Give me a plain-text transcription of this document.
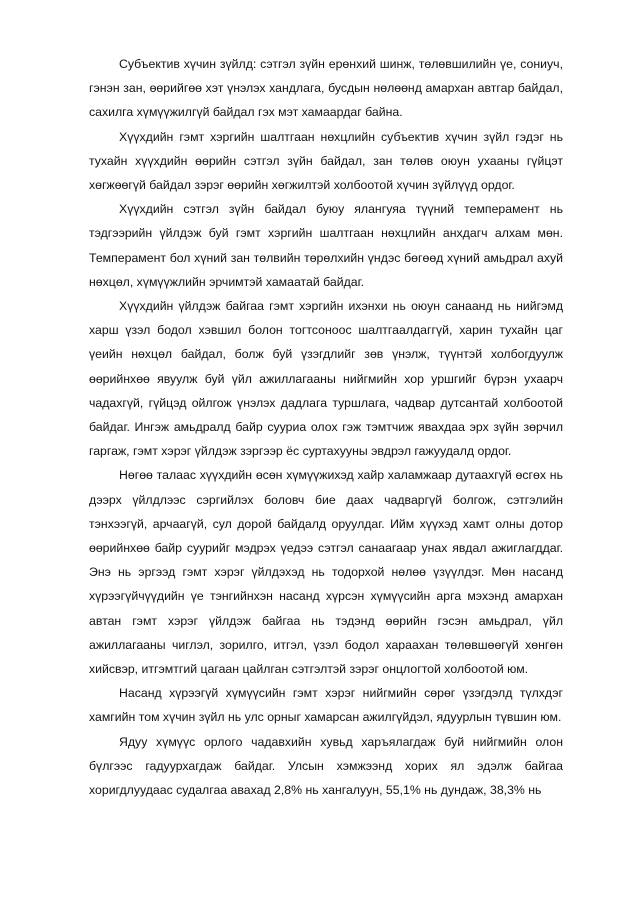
Субъектив хүчин зүйлд: сэтгэл зүйн ерөнхий шинж, төлөвшилийн үе, сониуч, гэнэн зан, өөрийгөө хэт үнэлэх хандлага, бусдын нөлөөнд амархан автгар байдал, сахилга хүмүүжилгүй байдал гэх мэт хамаардаг байна.

Хүүхдийн гэмт хэргийн шалтгаан нөхцлийн субъектив хүчин зүйл гэдэг нь тухайн хүүхдийн өөрийн сэтгэл зүйн байдал, зан төлөв оюун ухааны гүйцэт хөгжөөгүй байдал зэрэг өөрийн хөгжилтэй холбоотой хүчин зүйлүүд ордог.

Хүүхдийн сэтгэл зүйн байдал буюу ялангуяа түүний темперамент нь тэдгээрийн үйлдэж буй гэмт хэргийн шалтгаан нөхцлийн анхдагч алхам мөн. Темперамент бол хүний зан төлвийн төрөлхийн үндэс бөгөөд хүний амьдрал ахуй нөхцөл, хүмүүжлийн эрчимтэй хамаатай байдаг.

Хүүхдийн үйлдэж байгаа гэмт хэргийн ихэнхи нь оюун санаанд нь нийгэмд харш үзэл бодол хэвшил болон тогтсоноос шалтгаалдаггүй, харин тухайн цаг үеийн нөхцөл байдал, болж буй үзэгдлийг зөв үнэлж, түүнтэй холбогдуулж өөрийнхөө явуулж буй үйл ажиллагааны нийгмийн хор уршгийг бүрэн ухаарч чадахгүй, гүйцэд ойлгож үнэлэх дадлага туршлага, чадвар дутсантай холбоотой байдаг. Ингэж амьдралд байр сууриа олох гэж тэмтчиж явахдаа эрх зүйн зөрчил гаргаж, гэмт хэрэг үйлдэж зэргээр ёс суртахууны эвдрэл гажуудалд ордог.

Нөгөө талаас хүүхдийн өсөн хүмүүжихэд хайр халамжаар дутаахгүй өсгөх нь дээрх үйлдлээс сэргийлэх боловч бие даах чадваргүй болгож, сэтгэлийн тэнхээгүй, арчаагүй, сул дорой байдалд оруулдаг. Ийм хүүхэд хамт олны дотор өөрийнхөө байр суурийг мэдрэх үедээ сэтгэл санаагаар унах явдал ажиглагддаг. Энэ нь эргээд гэмт хэрэг үйлдэхэд нь тодорхой нөлөө үзүүлдэг. Мөн насанд хүрээгүйчүүдийн үе тэнгийнхэн насанд хүрсэн хүмүүсийн арга мэхэнд амархан автан гэмт хэрэг үйлдэж байгаа нь тэдэнд өөрийн гэсэн амьдрал, үйл ажиллагааны чиглэл, зорилго, итгэл, үзэл бодол хараахан төлөвшөөгүй хөнгөн хийсвэр, итгэмтгий цагаан цайлган сэтгэлтэй зэрэг онцлогтой холбоотой юм.

Насанд хүрээгүй хүмүүсийн гэмт хэрэг нийгмийн сөрөг үзэгдэлд түлхдэг хамгийн том хүчин зүйл нь улс орныг хамарсан ажилгүйдэл, ядуурлын түвшин юм.

Ядуу хүмүүс орлого чадавхийн хувьд харъялагдаж буй нийгмийн олон бүлгээс гадуурхагдаж байдаг. Улсын хэмжээнд хорих ял эдэлж байгаа хоригдлуудаас судалгаа авахад 2,8% нь хангалуун, 55,1% нь дундаж, 38,3% нь
